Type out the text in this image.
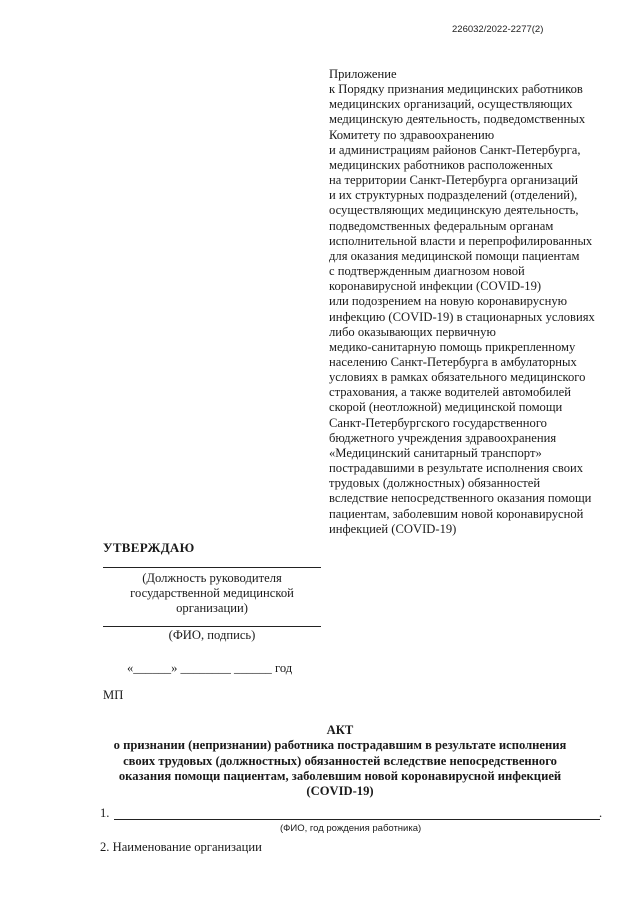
226032/2022-2277(2)
Приложение
к Порядку признания медицинских работников
медицинских организаций, осуществляющих
медицинскую деятельность, подведомственных
Комитету по здравоохранению
и администрациям районов Санкт-Петербурга,
медицинских работников расположенных
на территории Санкт-Петербурга организаций
и их структурных подразделений (отделений),
осуществляющих медицинскую деятельность,
подведомственных федеральным органам
исполнительной власти и перепрофилированных
для оказания медицинской помощи пациентам
с подтвержденным диагнозом новой
коронавирусной инфекции (COVID-19)
или подозрением на новую коронавирусную
инфекцию (COVID-19) в стационарных условиях
либо оказывающих первичную
медико-санитарную помощь прикрепленному
населению Санкт-Петербурга в амбулаторных
условиях в рамках обязательного медицинского
страхования, а также водителей автомобилей
скорой (неотложной) медицинской помощи
Санкт-Петербургского государственного
бюджетного учреждения здравоохранения
«Медицинский санитарный транспорт»
пострадавшими в результате исполнения своих
трудовых (должностных) обязанностей
вследствие непосредственного оказания помощи
пациентам, заболевшим новой коронавирусной
инфекцией (COVID-19)
УТВЕРЖДАЮ
(Должность руководителя
государственной медицинской
организации)
(ФИО, подпись)
«______» ________ ______ год
МП
АКТ
о признании (непризнании) работника пострадавшим в результате исполнения
своих трудовых (должностных) обязанностей вследствие непосредственного
оказания помощи пациентам, заболевшим новой коронавирусной инфекцией
(COVID-19)
1.	.
(ФИО, год рождения работника)
2. Наименование организации
